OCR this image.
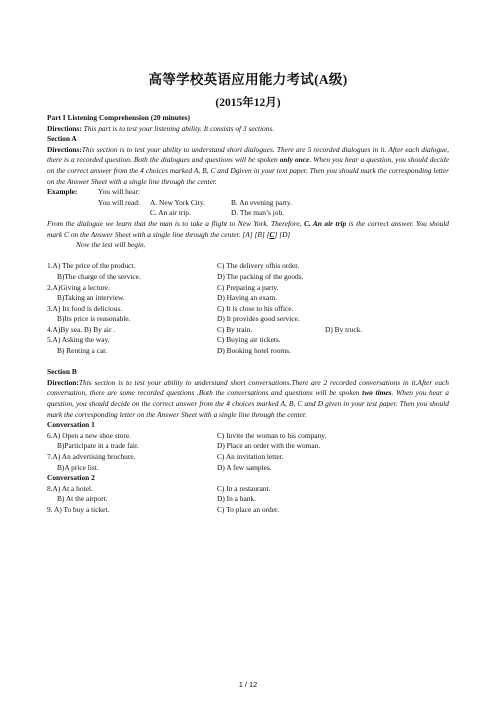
高等学校英语应用能力考试(A级)
(2015年12月)
Part I Listening Comprehension (20 minutes)
Directions: This part is to test your listening ability. It consists of 3 sections.
Section A
Directions:This section is to test your ability to understand short dialogues. There are 5 recorded dialogues in it. After each dialogue, there is a recorded question. Both the dialogues and questions will be spoken only once. When you hear a question, you should decide on the correct answer from the 4 choices marked A, B, C and Dgiven in your text paper. Then you should mark the corresponding letter on the Answer Sheet with a single line through the center.
Example:	You will hear:
You will read:	A. New York City.	B. An evening party.
C. An air trip.	D. The man’s job.
From the dialogue we learn that the man is to take a flight to New York. Therefore, C. An air trip is the correct answer. You should mark C on the Answer Sheet with a single line through the center. [A] [B] [C] [D]
Now the test will begin.
1.A) The price of the product.	C) The delivery ofhis order.
B)The charge of the service.	D) The packing of the goods.
2.A)Giving a lecture.	C) Preparing a party.
B)Taking an interview.	D) Having an exam.
3.A) Its food is delicious.	C) It is close to his office.
B)Its price is reasonable.	D) It provides good service.
4.A)By sea. B) By air .	C) By train.	D) By truck.
5.A) Asking the way.	C) Buying air tickets.
B) Renting a car.	D) Booking hotel rooms.
Section B
Direction:This section is to test your ability to understand short conversations.There are 2 recorded conversations in it.After each conversation, there are some recorded questions .Both the conversations and questions will be spoken two times. When you hear a question, you should decide on the correct answer from the 4 choices marked A, B, C and D given in your test paper. Then you should mark the corresponding letter on the Answer Sheet with a single line through the center.
Conversation 1
6.A) Open a new shoe store.	C) Invite the woman to his company.
B)Participate in a trade fair.	D) Place an order with the woman.
7.A) An advertising brochure.	C) An invitation letter.
B)A price list.	D) A few samples.
Conversation 2
8.A) At a hotel.	C) In a restaurant.
B) At the airport.	D) In a bank.
9. A) To buy a ticket.	C) To place an order.
1 / 12
